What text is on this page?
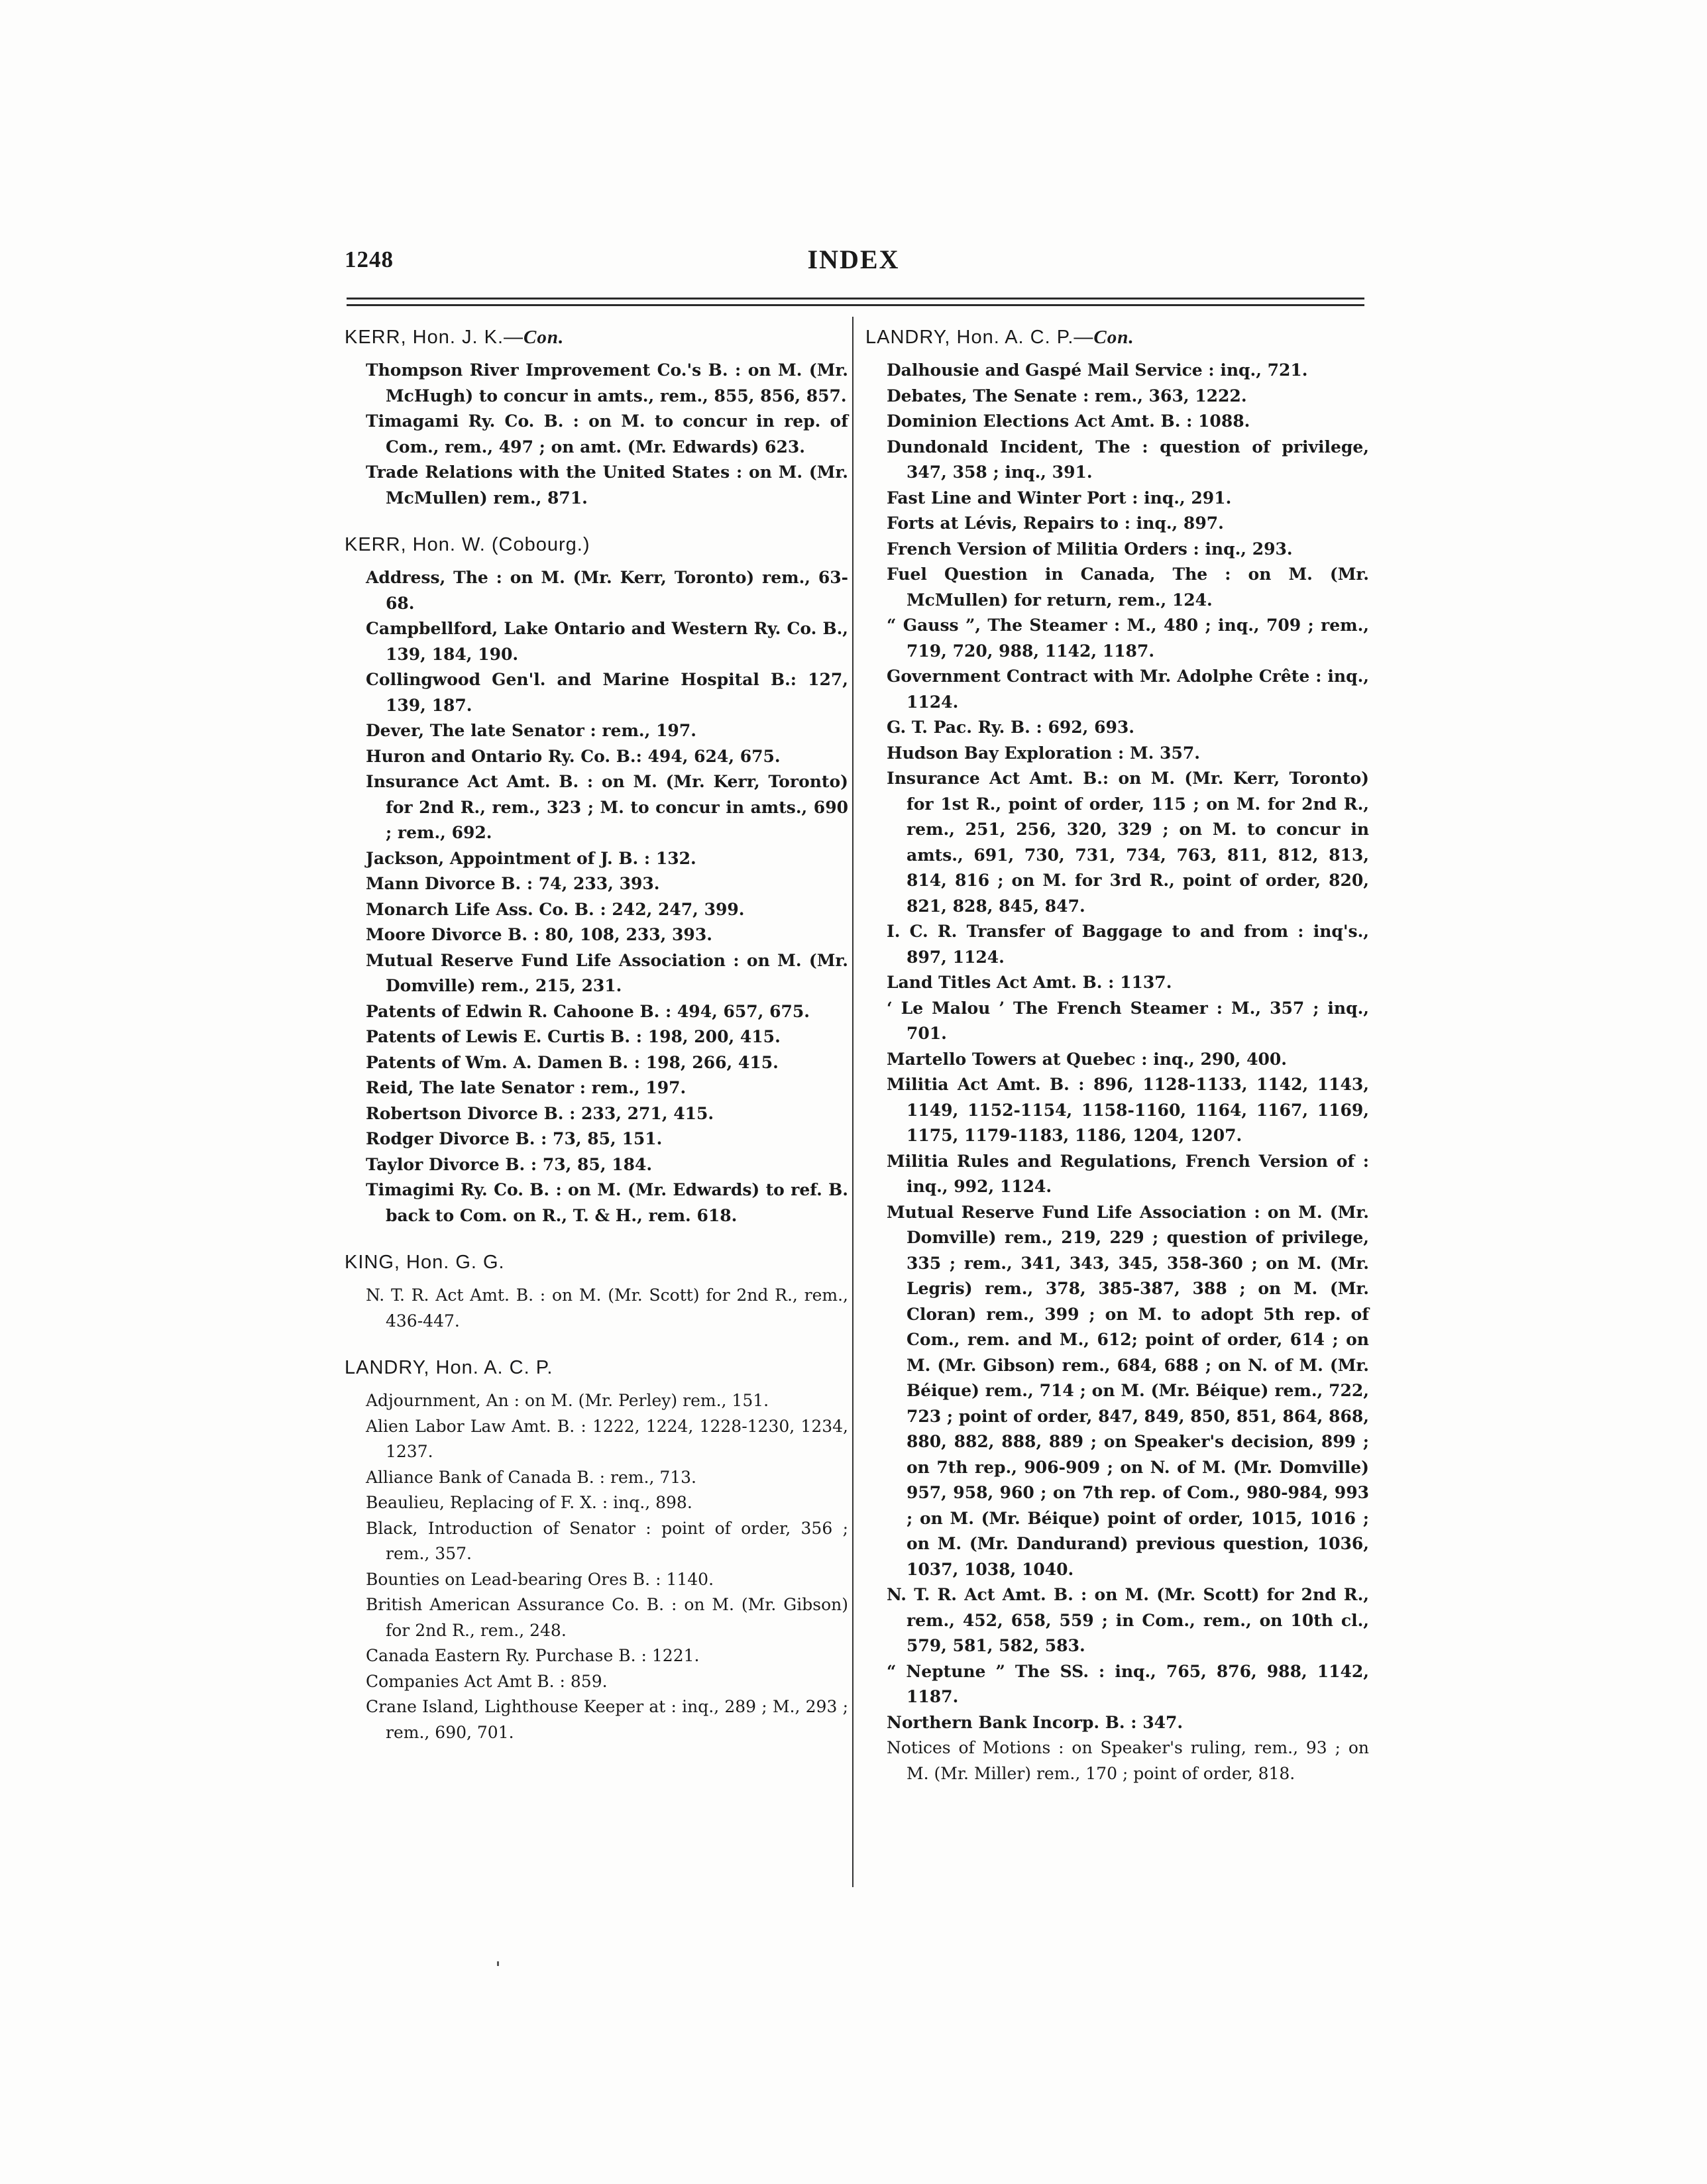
1248	INDEX
KERR, Hon. J. K.—Con.
Thompson River Improvement Co.'s B. : on M. (Mr. McHugh) to concur in amts., rem., 855, 856, 857.
Timagami Ry. Co. B. : on M. to concur in rep. of Com., rem., 497 ; on amt. (Mr. Edwards) 623.
Trade Relations with the United States : on M. (Mr. McMullen) rem., 871.
KERR, Hon. W. (Cobourg.)
Address, The : on M. (Mr. Kerr, Toronto) rem., 63-68.
Campbellford, Lake Ontario and Western Ry. Co. B., 139, 184, 190.
Collingwood Gen'l. and Marine Hospital B.: 127, 139, 187.
Dever, The late Senator : rem., 197.
Huron and Ontario Ry. Co. B.: 494, 624, 675.
Insurance Act Amt. B. : on M. (Mr. Kerr, Toronto) for 2nd R., rem., 323 ; M. to concur in amts., 690 ; rem., 692.
Jackson, Appointment of J. B. : 132.
Mann Divorce B. : 74, 233, 393.
Monarch Life Ass. Co. B. : 242, 247, 399.
Moore Divorce B. : 80, 108, 233, 393.
Mutual Reserve Fund Life Association : on M. (Mr. Domville) rem., 215, 231.
Patents of Edwin R. Cahoone B. : 494, 657, 675.
Patents of Lewis E. Curtis B. : 198, 200, 415.
Patents of Wm. A. Damen B. : 198, 266, 415.
Reid, The late Senator : rem., 197.
Robertson Divorce B. : 233, 271, 415.
Rodger Divorce B. : 73, 85, 151.
Taylor Divorce B. : 73, 85, 184.
Timagimi Ry. Co. B. : on M. (Mr. Edwards) to ref. B. back to Com. on R., T. & H., rem. 618.
KING, Hon. G. G.
N. T. R. Act Amt. B. : on M. (Mr. Scott) for 2nd R., rem., 436-447.
LANDRY, Hon. A. C. P.
Adjournment, An : on M. (Mr. Perley) rem., 151.
Alien Labor Law Amt. B. : 1222, 1224, 1228-1230, 1234, 1237.
Alliance Bank of Canada B. : rem., 713.
Beaulieu, Replacing of F. X. : inq., 898.
Black, Introduction of Senator : point of order, 356 ; rem., 357.
Bounties on Lead-bearing Ores B. : 1140.
British American Assurance Co. B. : on M. (Mr. Gibson) for 2nd R., rem., 248.
Canada Eastern Ry. Purchase B. : 1221.
Companies Act Amt B. : 859.
Crane Island, Lighthouse Keeper at : inq., 289 ; M., 293 ; rem., 690, 701.
LANDRY, Hon. A. C. P.—Con.
Dalhousie and Gaspé Mail Service : inq., 721.
Debates, The Senate : rem., 363, 1222.
Dominion Elections Act Amt. B. : 1088.
Dundonald Incident, The : question of privilege, 347, 358 ; inq., 391.
Fast Line and Winter Port : inq., 291.
Forts at Lévis, Repairs to : inq., 897.
French Version of Militia Orders : inq., 293.
Fuel Question in Canada, The : on M. (Mr. McMullen) for return, rem., 124.
“ Gauss ”, The Steamer : M., 480 ; inq., 709 ; rem., 719, 720, 988, 1142, 1187.
Government Contract with Mr. Adolphe Crête : inq., 1124.
G. T. Pac. Ry. B. : 692, 693.
Hudson Bay Exploration : M. 357.
Insurance Act Amt. B.: on M. (Mr. Kerr, Toronto) for 1st R., point of order, 115 ; on M. for 2nd R., rem., 251, 256, 320, 329 ; on M. to concur in amts., 691, 730, 731, 734, 763, 811, 812, 813, 814, 816 ; on M. for 3rd R., point of order, 820, 821, 828, 845, 847.
I. C. R. Transfer of Baggage to and from : inq's., 897, 1124.
Land Titles Act Amt. B. : 1137.
‘ Le Malou ’ The French Steamer : M., 357 ; inq., 701.
Martello Towers at Quebec : inq., 290, 400.
Militia Act Amt. B. : 896, 1128-1133, 1142, 1143, 1149, 1152-1154, 1158-1160, 1164, 1167, 1169, 1175, 1179-1183, 1186, 1204, 1207.
Militia Rules and Regulations, French Version of : inq., 992, 1124.
Mutual Reserve Fund Life Association : on M. (Mr. Domville) rem., 219, 229 ; question of privilege, 335 ; rem., 341, 343, 345, 358-360 ; on M. (Mr. Legris) rem., 378, 385-387, 388 ; on M. (Mr. Cloran) rem., 399 ; on M. to adopt 5th rep. of Com., rem. and M., 612; point of order, 614 ; on M. (Mr. Gibson) rem., 684, 688 ; on N. of M. (Mr. Béique) rem., 714 ; on M. (Mr. Béique) rem., 722, 723 ; point of order, 847, 849, 850, 851, 864, 868, 880, 882, 888, 889 ; on Speaker's decision, 899 ; on 7th rep., 906-909 ; on N. of M. (Mr. Domville) 957, 958, 960 ; on 7th rep. of Com., 980-984, 993 ; on M. (Mr. Béique) point of order, 1015, 1016 ; on M. (Mr. Dandurand) previous question, 1036, 1037, 1038, 1040.
N. T. R. Act Amt. B. : on M. (Mr. Scott) for 2nd R., rem., 452, 658, 559 ; in Com., rem., on 10th cl., 579, 581, 582, 583.
“ Neptune ” The SS. : inq., 765, 876, 988, 1142, 1187.
Northern Bank Incorp. B. : 347.
Notices of Motions : on Speaker's ruling, rem., 93 ; on M. (Mr. Miller) rem., 170 ; point of order, 818.
